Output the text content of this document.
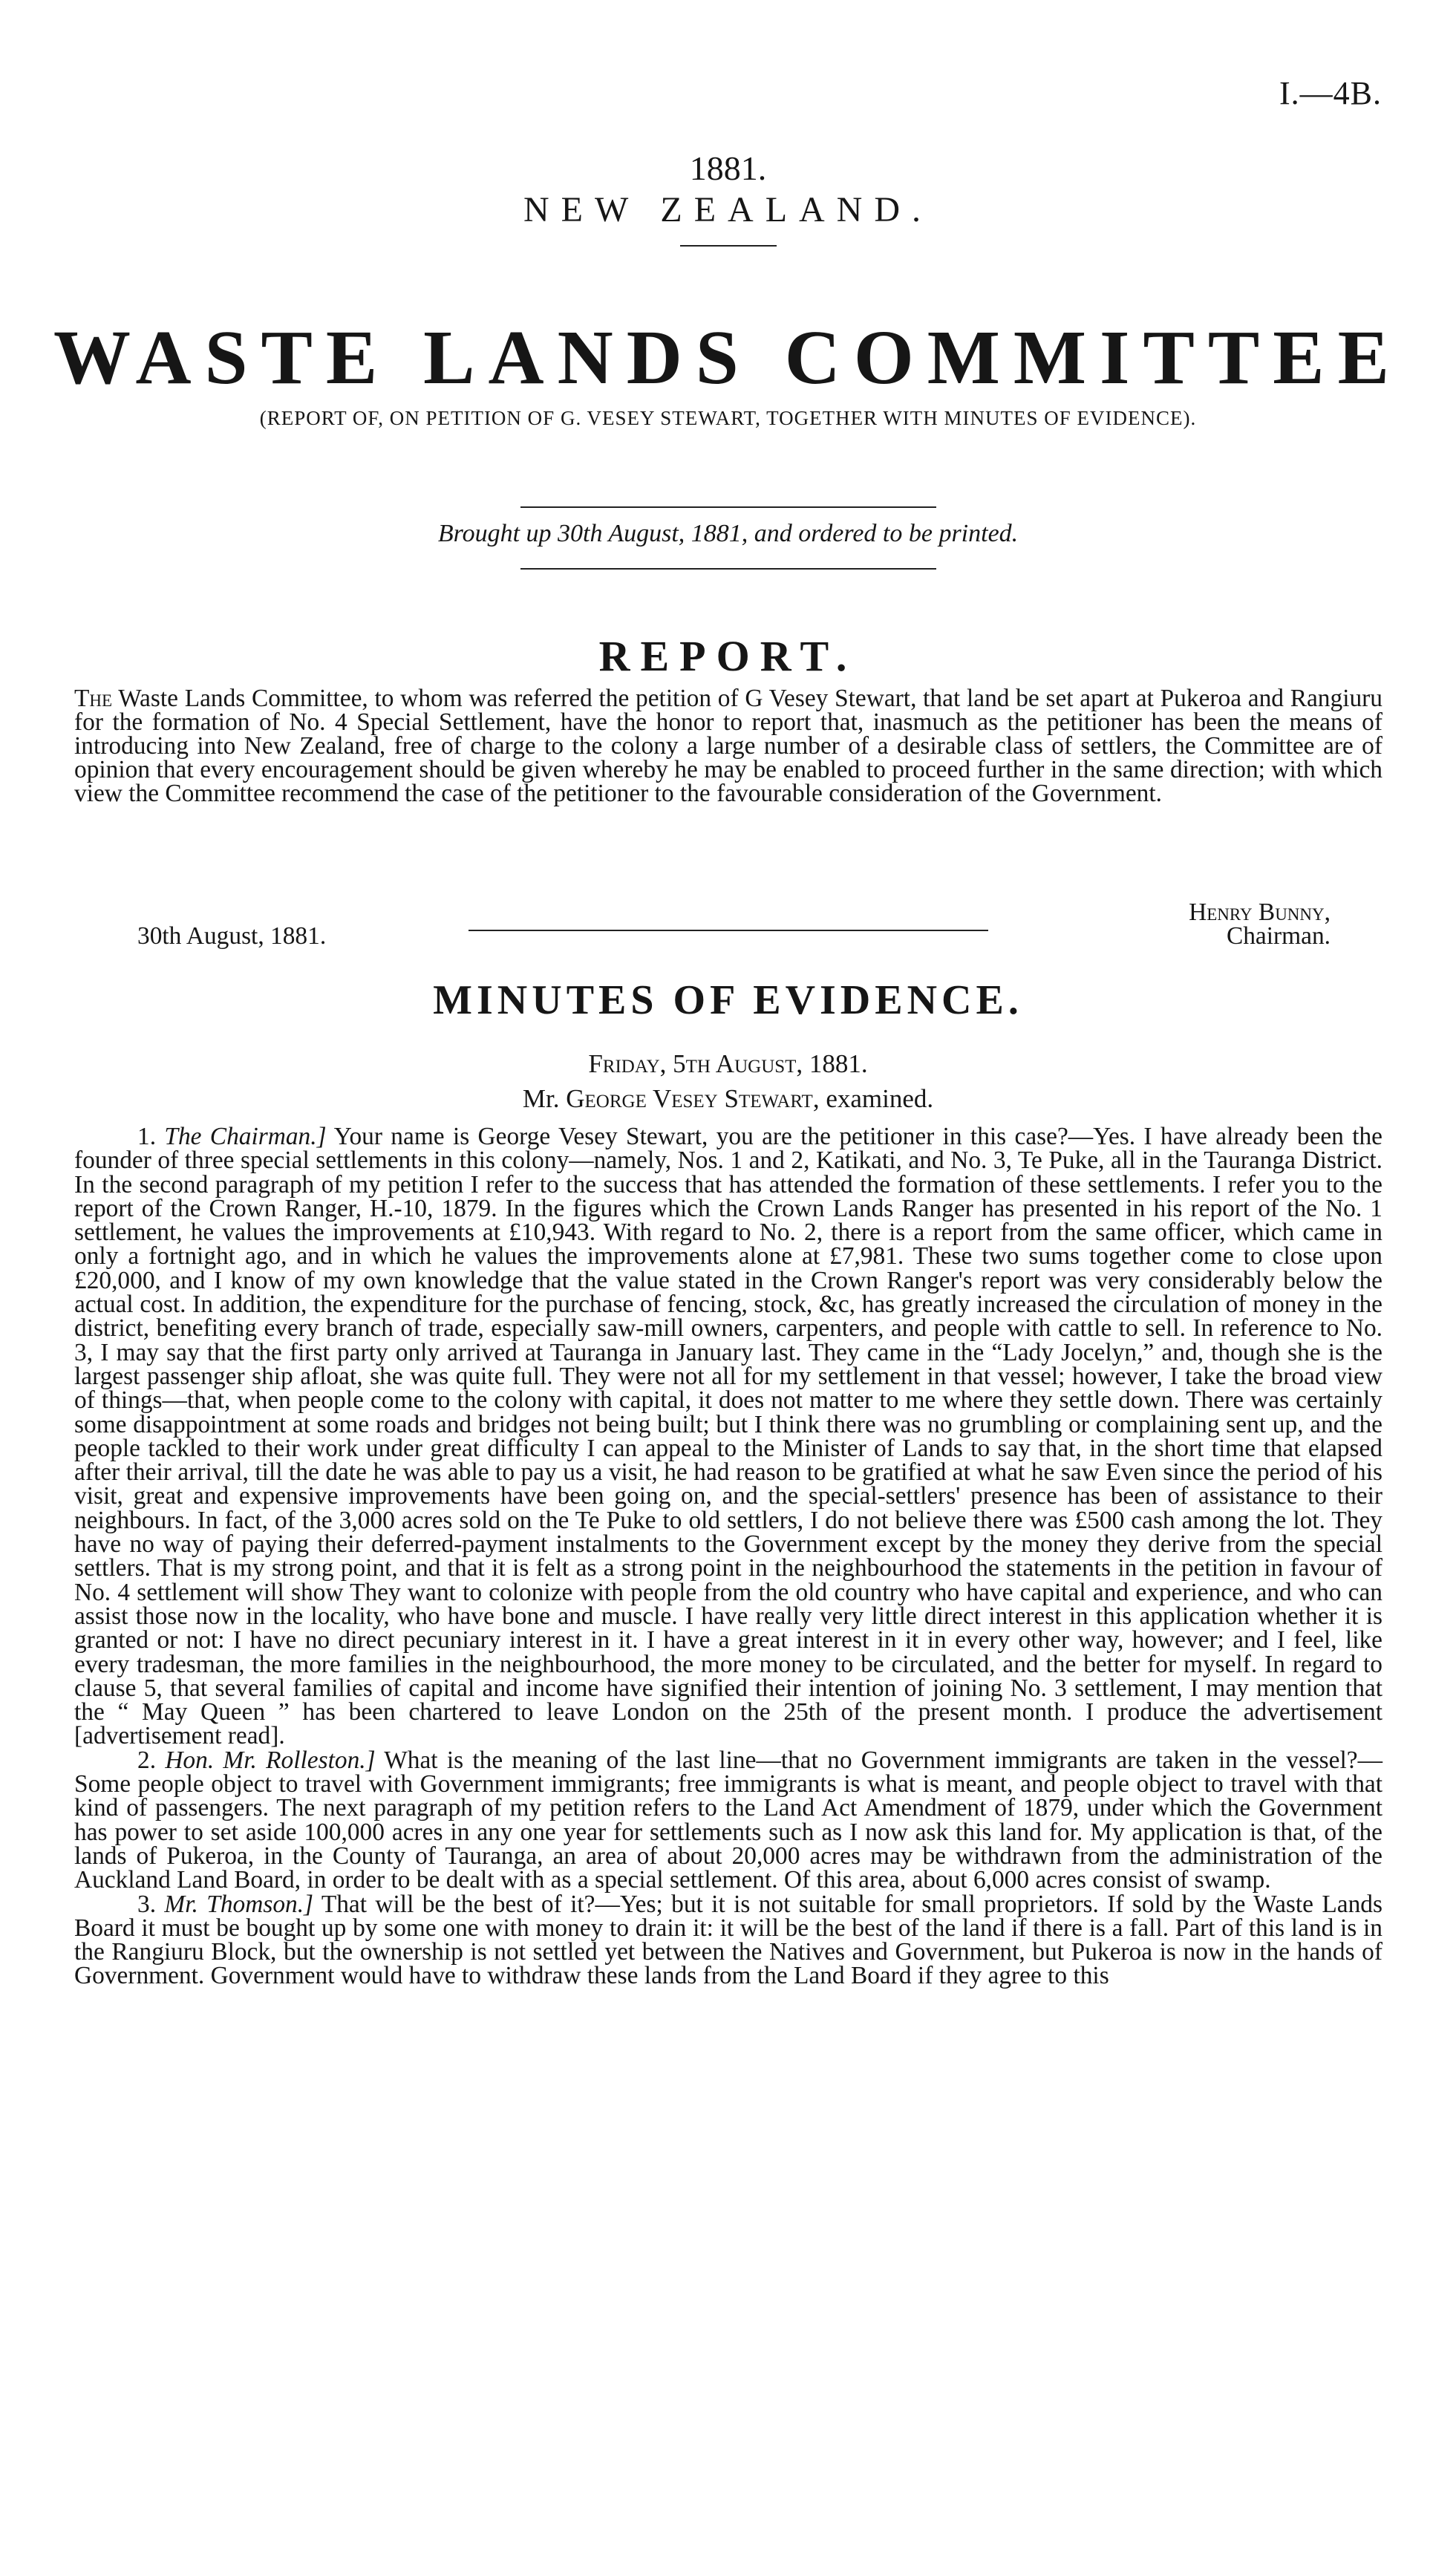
I.—4B.

1881.

NEW ZEALAND.

WASTE LANDS COMMITTEE

(REPORT OF, ON PETITION OF G. VESEY STEWART, TOGETHER WITH MINUTES OF EVIDENCE).

Brought up 30th August, 1881, and ordered to be printed.

REPORT.

The Waste Lands Committee, to whom was referred the petition of G Vesey Stewart, that land be set apart at Pukeroa and Rangiuru for the formation of No. 4 Special Settlement, have the honor to report that, inasmuch as the petitioner has been the means of introducing into New Zealand, free of charge to the colony a large number of a desirable class of settlers, the Committee are of opinion that every encouragement should be given whereby he may be enabled to proceed further in the same direction; with which view the Committee recommend the case of the petitioner to the favourable consideration of the Government.

Henry Bunny,
30th August, 1881.	Chairman.
MINUTES OF EVIDENCE.

Friday, 5th August, 1881.

Mr. George Vesey Stewart, examined.

1. The Chairman.] Your name is George Vesey Stewart, you are the petitioner in this case?—Yes. I have already been the founder of three special settlements in this colony—namely, Nos. 1 and 2, Katikati, and No. 3, Te Puke, all in the Tauranga District. In the second paragraph of my petition I refer to the success that has attended the formation of these settlements. I refer you to the report of the Crown Ranger, H.-10, 1879. In the figures which the Crown Lands Ranger has presented in his report of the No. 1 settlement, he values the improvements at £10,943. With regard to No. 2, there is a report from the same officer, which came in only a fortnight ago, and in which he values the improvements alone at £7,981. These two sums together come to close upon £20,000, and I know of my own knowledge that the value stated in the Crown Ranger's report was very considerably below the actual cost. In addition, the expenditure for the purchase of fencing, stock, &c, has greatly increased the circulation of money in the district, benefiting every branch of trade, especially saw-mill owners, carpenters, and people with cattle to sell. In reference to No. 3, I may say that the first party only arrived at Tauranga in January last. They came in the “Lady Jocelyn,” and, though she is the largest passenger ship afloat, she was quite full. They were not all for my settlement in that vessel; however, I take the broad view of things—that, when people come to the colony with capital, it does not matter to me where they settle down. There was certainly some disappointment at some roads and bridges not being built; but I think there was no grumbling or complaining sent up, and the people tackled to their work under great difficulty I can appeal to the Minister of Lands to say that, in the short time that elapsed after their arrival, till the date he was able to pay us a visit, he had reason to be gratified at what he saw Even since the period of his visit, great and expensive improvements have been going on, and the special-settlers' presence has been of assistance to their neighbours. In fact, of the 3,000 acres sold on the Te Puke to old settlers, I do not believe there was £500 cash among the lot. They have no way of paying their deferred-payment instalments to the Government except by the money they derive from the special settlers. That is my strong point, and that it is felt as a strong point in the neighbourhood the statements in the petition in favour of No. 4 settlement will show They want to colonize with people from the old country who have capital and experience, and who can assist those now in the locality, who have bone and muscle. I have really very little direct interest in this application whether it is granted or not: I have no direct pecuniary interest in it. I have a great interest in it in every other way, however; and I feel, like every tradesman, the more families in the neighbourhood, the more money to be circulated, and the better for myself. In regard to clause 5, that several families of capital and income have signified their intention of joining No. 3 settlement, I may mention that the “ May Queen ” has been chartered to leave London on the 25th of the present month. I produce the advertisement [advertisement read].

2. Hon. Mr. Rolleston.] What is the meaning of the last line—that no Government immigrants are taken in the vessel?—Some people object to travel with Government immigrants; free immigrants is what is meant, and people object to travel with that kind of passengers. The next paragraph of my petition refers to the Land Act Amendment of 1879, under which the Government has power to set aside 100,000 acres in any one year for settlements such as I now ask this land for. My application is that, of the lands of Pukeroa, in the County of Tauranga, an area of about 20,000 acres may be withdrawn from the administration of the Auckland Land Board, in order to be dealt with as a special settlement. Of this area, about 6,000 acres consist of swamp.

3. Mr. Thomson.] That will be the best of it?—Yes; but it is not suitable for small proprietors. If sold by the Waste Lands Board it must be bought up by some one with money to drain it: it will be the best of the land if there is a fall. Part of this land is in the Rangiuru Block, but the ownership is not settled yet between the Natives and Government, but Pukeroa is now in the hands of Government. Government would have to withdraw these lands from the Land Board if they agree to this
